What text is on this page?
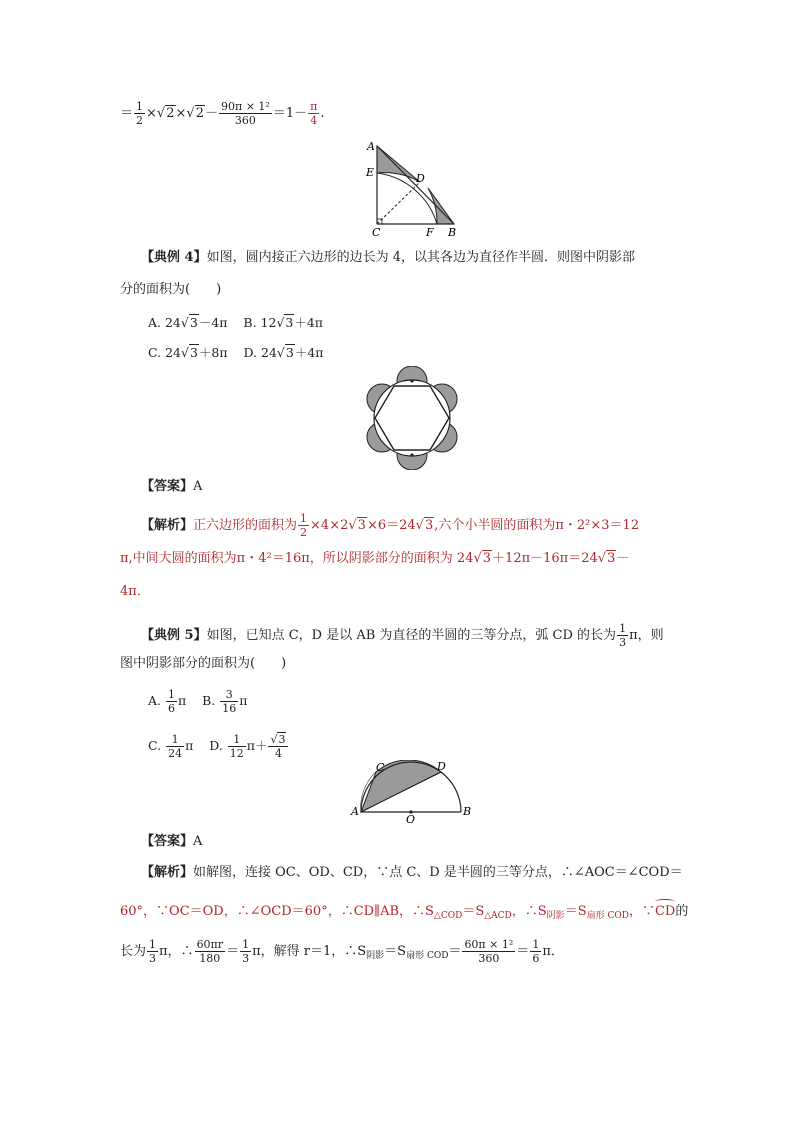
＝ $\frac{1}{2} \times√2\times√2- \frac{\text{90π × 1²}}{360} =1- \frac{\pi}{4}$ .
A
E	D
C	F B
【典例 4】如图，圆内接正六边形的边长为 4，以其各边为直径作半圆．则图中阴影部
分的面积为(　　)
A. 24√3－4π B. 12√3＋4π
C. 24√3＋8π D. 24√3＋4π
【答案】A
【解析】正六边形的面积为 $\frac{1}{2} \times 4\times 2√3\times 6=24√3$,六个小半圆的面积为π・2²×3＝12
π,中间大圆的面积为π・4²＝16π，所以阴影部分的面积为 24√3＋12π－16π＝24√3－
4π．
【典例 5】如图，已知点 C，D 是以 AB 为直径的半圆的三等分点，弧 CD 的长为 $\frac{1}{3}$ π，则
图中阴影部分的面积为(　　)
A. $\frac{1}{6}$ π B. $\frac{3}{16}$ π
C. $\frac{1}{24}$ π D. $\frac{1}{12} \pi+ \frac{√3}{4}$
C	D
A
O
B
【答案】A
【解析】如解图，连接 OC、OD、CD，∵点 C、D 是半圆的三等分点，∴∠AOC＝∠COD＝
60°，∵OC＝OD，∴∠OCD＝60°，∴CD∥AB，$\therefore S_{\triangle COD}=S_{\triangle ACD}$，$\therefore S_{阴影}=S_{扇形 COD}$，∵CD的
长为 $\frac{1}{3}$ π，∴ $\frac{60\pi r}{180} = \frac{1}{3}$ π，解得 r＝1，$\therefore S_{阴影}=S_{扇形 COD}= \frac{\text{60π × 1²}}{360} = \frac{1}{6}$ π．
